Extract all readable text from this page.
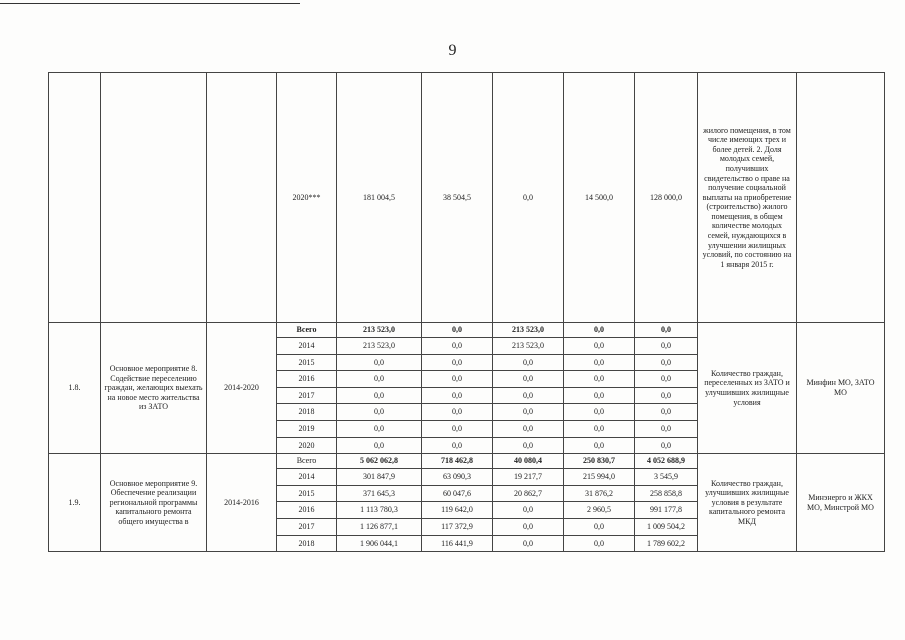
9
			2020***	181 004,5	38 504,5	0,0	14 500,0	128 000,0	жилого помещения, в том числе имеющих трех и более детей. 2. Доля молодых семей, получивших свидетельство о праве на получение социальной выплаты на приобретение (строительство) жилого помещения, в общем количестве молодых семей, нуждающихся в улучшении жилищных условий, по состоянию на 1 января 2015 г.	
1.8.	Основное мероприятие 8. Содействие переселению граждан, желающих выехать на новое место жительства из ЗАТО	2014-2020	Всего	213 523,0	0,0	213 523,0	0,0	0,0	Количество граждан, переселенных из ЗАТО и улучшивших жилищные условия	Минфин МО, ЗАТО МО
			2014	213 523,0	0,0	213 523,0	0,0	0,0		
			2015	0,0	0,0	0,0	0,0	0,0		
			2016	0,0	0,0	0,0	0,0	0,0		
			2017	0,0	0,0	0,0	0,0	0,0		
			2018	0,0	0,0	0,0	0,0	0,0		
			2019	0,0	0,0	0,0	0,0	0,0		
			2020	0,0	0,0	0,0	0,0	0,0		
1.9.	Основное мероприятие 9. Обеспечение реализации региональной программы капитального ремонта общего имущества в	2014-2016	Всего	5 062 062,8	718 462,8	40 080,4	250 830,7	4 052 688,9	Количество граждан, улучшивших жилищные условия в результате капитального ремонта МКД	Минэнерго и ЖКХ МО, Минстрой МО
			2014	301 847,9	63 090,3	19 217,7	215 994,0	3 545,9		
			2015	371 645,3	60 047,6	20 862,7	31 876,2	258 858,8		
			2016	1 113 780,3	119 642,0	0,0	2 960,5	991 177,8		
			2017	1 126 877,1	117 372,9	0,0	0,0	1 009 504,2		
			2018	1 906 044,1	116 441,9	0,0	0,0	1 789 602,2		
